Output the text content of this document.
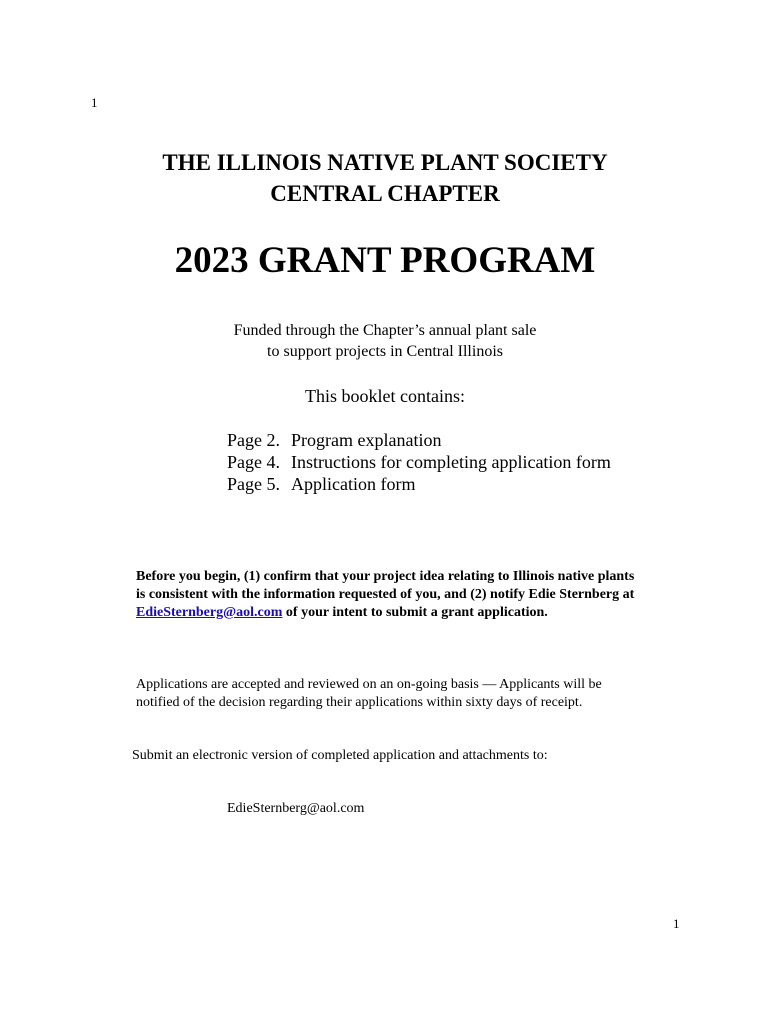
1
THE ILLINOIS NATIVE PLANT SOCIETY
CENTRAL CHAPTER
2023 GRANT PROGRAM
Funded through the Chapter’s annual plant sale
to support projects in Central Illinois
This booklet contains:
Page 2. Program explanation
Page 4. Instructions for completing application form
Page 5. Application form
Before you begin, (1) confirm that your project idea relating to Illinois native plants is consistent with the information requested of you, and (2) notify Edie Sternberg at EdieSternberg@aol.com of your intent to submit a grant application.
Applications are accepted and reviewed on an on-going basis — Applicants will be notified of the decision regarding their applications within sixty days of receipt.
Submit an electronic version of completed application and attachments to:
EdieSternberg@aol.com
1
